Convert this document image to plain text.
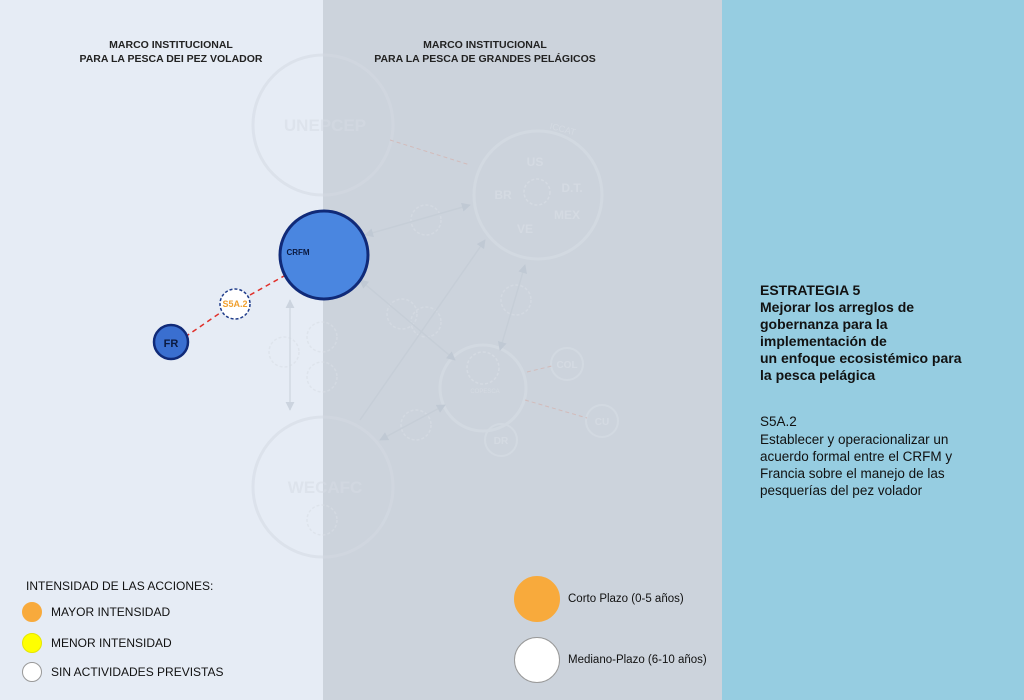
MARCO INSTITUCIONAL
PARA LA PESCA DEI PEZ VOLADOR
MARCO INSTITUCIONAL
PARA LA PESCA DE GRANDES PELÁGICOS
UNEPCEP	ICCAT
US
BR	D.T.
MEX
VE
COPESCA
COL
CU
DR
WECAFC
CRFM
S5A.2
FR
ESTRATEGIA 5
Mejorar los arreglos de
gobernanza para la
implementación de
un enfoque ecosistémico para
la pesca pelágica
S5A.2
Establecer y operacionalizar un acuerdo formal entre el CRFM y Francia sobre el manejo de las pesquerías del pez volador
INTENSIDAD DE LAS ACCIONES:
MAYOR INTENSIDAD
MENOR INTENSIDAD
SIN ACTIVIDADES PREVISTAS
Corto Plazo (0-5 años)
Mediano-Plazo (6-10 años)
